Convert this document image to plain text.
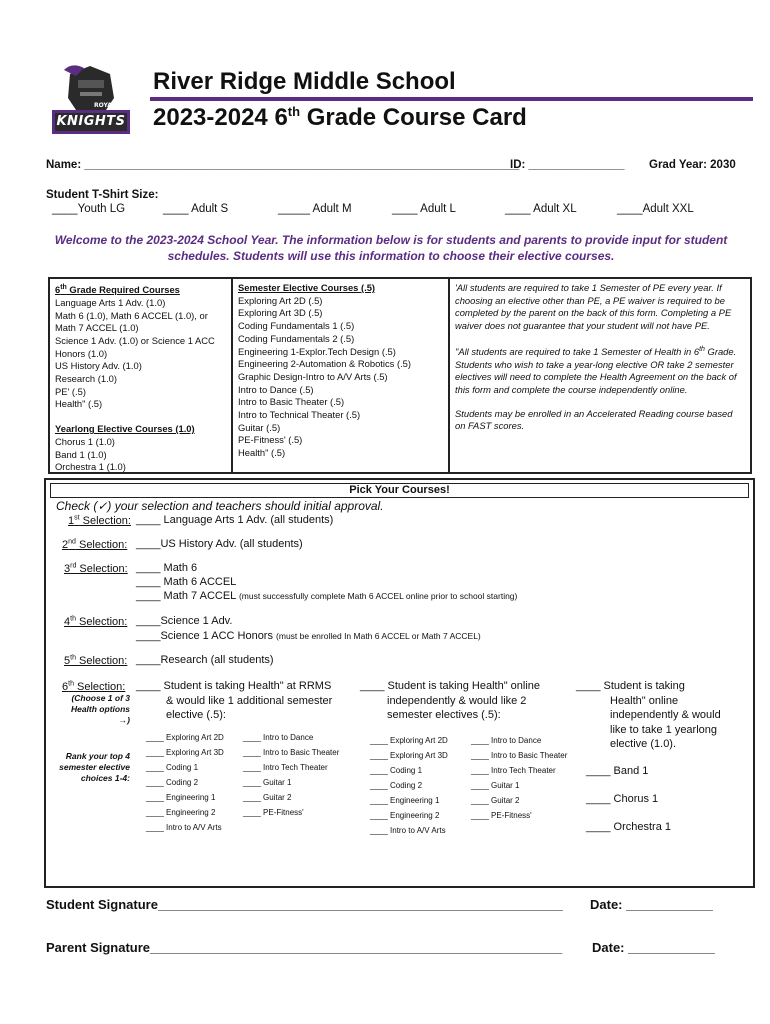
ROYAL
KNIGHTS
River Ridge Middle School
2023-2024 6th Grade Course Card
Name: ____________________________________________________________________
ID: _______________ Grad Year: 2030
Student T-Shirt Size:
____Youth LG	____ Adult S	_____ Adult M	____ Adult L	____ Adult XL	____Adult XXL
Welcome to the 2023-2024 School Year. The information below is for students and parents to provide input for student schedules. Students will use this information to choose their elective courses.
6th Grade Required Courses
Language Arts 1 Adv. (1.0)
Math 6 (1.0), Math 6 ACCEL (1.0), or Math 7 ACCEL (1.0)
Science 1 Adv. (1.0) or Science 1 ACC Honors (1.0)
US History Adv. (1.0)
Research (1.0)
PE' (.5)
Health" (.5)
Yearlong Elective Courses (1.0)
Chorus 1 (1.0)
Band 1 (1.0)
Orchestra 1 (1.0)
Semester Elective Courses (.5)
Exploring Art 2D (.5)
Exploring Art 3D (.5)
Coding Fundamentals 1 (.5)
Coding Fundamentals 2 (.5)
Engineering 1-Explor.Tech Design (.5)
Engineering 2-Automation & Robotics (.5)
Graphic Design-Intro to A/V Arts (.5)
Intro to Dance (.5)
Intro to Basic Theater (.5)
Intro to Technical Theater (.5)
Guitar (.5)
PE-Fitness' (.5)
Health" (.5)
'All students are required to take 1 Semester of PE every year. If choosing an elective other than PE, a PE waiver is required to be completed by the parent on the back of this form. Completing a PE waiver does not guarantee that your student will not have PE.
"All students are required to take 1 Semester of Health in 6th Grade. Students who wish to take a year-long elective OR take 2 semester electives will need to complete the Health Agreement on the back of this form and complete the course independently online.
Students may be enrolled in an Accelerated Reading course based on FAST scores.
Pick Your Courses!
Check (✓) your selection and teachers should initial approval.
1st Selection: ____ Language Arts 1 Adv. (all students)
2nd Selection: ____US History Adv. (all students)
3rd Selection: ____ Math 6
____ Math 6 ACCEL
____ Math 7 ACCEL (must successfully complete Math 6 ACCEL online prior to school starting)
4th Selection: ____Science 1 Adv.
____Science 1 ACC Honors (must be enrolled In Math 6 ACCEL or Math 7 ACCEL)
5th Selection: ____Research (all students)
6th Selection:
(Choose 1 of 3 Health options →)
Rank your top 4 semester elective choices 1-4:
____ Student is taking Health" at RRMS
& would like 1 additional semester
elective (.5):
____ Exploring Art 2D
____ Exploring Art 3D
____ Coding 1
____ Coding 2
____ Engineering 1
____ Engineering 2
____ Intro to A/V Arts
____ Intro to Dance
____ Intro to Basic Theater
____ Intro Tech Theater
____ Guitar 1
____ Guitar 2
____ PE-Fitness'
____ Student is taking Health" online
independently & would like 2
semester electives (.5):
____ Exploring Art 2D
____ Exploring Art 3D
____ Coding 1
____ Coding 2
____ Engineering 1
____ Engineering 2
____ Intro to A/V Arts
____ Intro to Dance
____ Intro to Basic Theater
____ Intro Tech Theater
____ Guitar 1
____ Guitar 2
____ PE-Fitness'
____ Student is taking
Health" online
independently & would
like to take 1 yearlong
elective (1.0).
____ Band 1
____ Chorus 1
____ Orchestra 1
Student Signature________________________________________________________ Date: ____________
Parent Signature_________________________________________________________ Date: ____________
